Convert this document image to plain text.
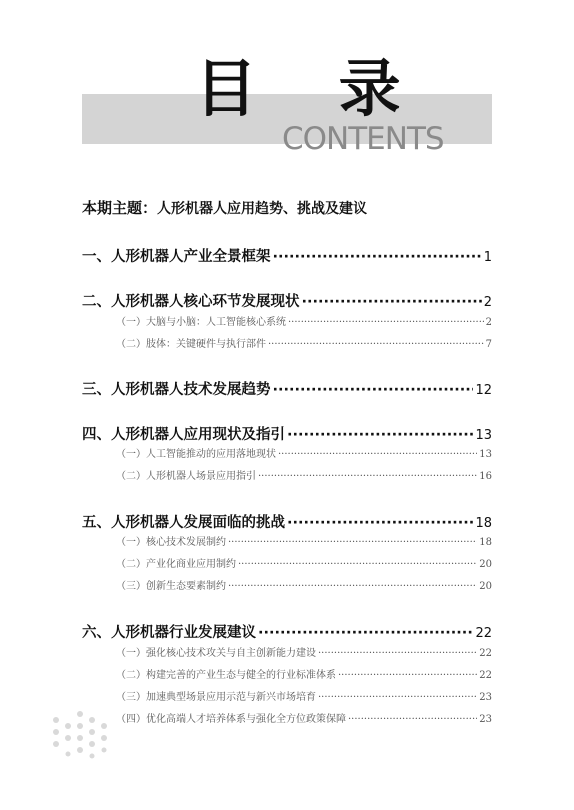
目 录
CONTENTS
本期主题：人形机器人应用趋势、挑战及建议
一、人形机器人产业全景框架 ·····	1
二、人形机器人核心环节发展现状 ·····	2
（一）大脑与小脑：人工智能核心系统 ·····	2
（二）肢体：关键硬件与执行部件 ·····	7
三、人形机器人技术发展趋势 ·····	12
四、人形机器人应用现状及指引 ·····	13
（一）人工智能推动的应用落地现状 ·····	13
（二）人形机器人场景应用指引 ·····	16
五、人形机器人发展面临的挑战 ·····	18
（一）核心技术发展制约 ·····	18
（二）产业化商业应用制约 ·····	20
（三）创新生态要素制约 ·····	20
六、人形机器行业发展建议 ·····	22
（一）强化核心技术攻关与自主创新能力建设 ·····	22
（二）构建完善的产业生态与健全的行业标准体系 ·····	22
（三）加速典型场景应用示范与新兴市场培育 ·····	23
（四）优化高端人才培养体系与强化全方位政策保障 ·····	23
